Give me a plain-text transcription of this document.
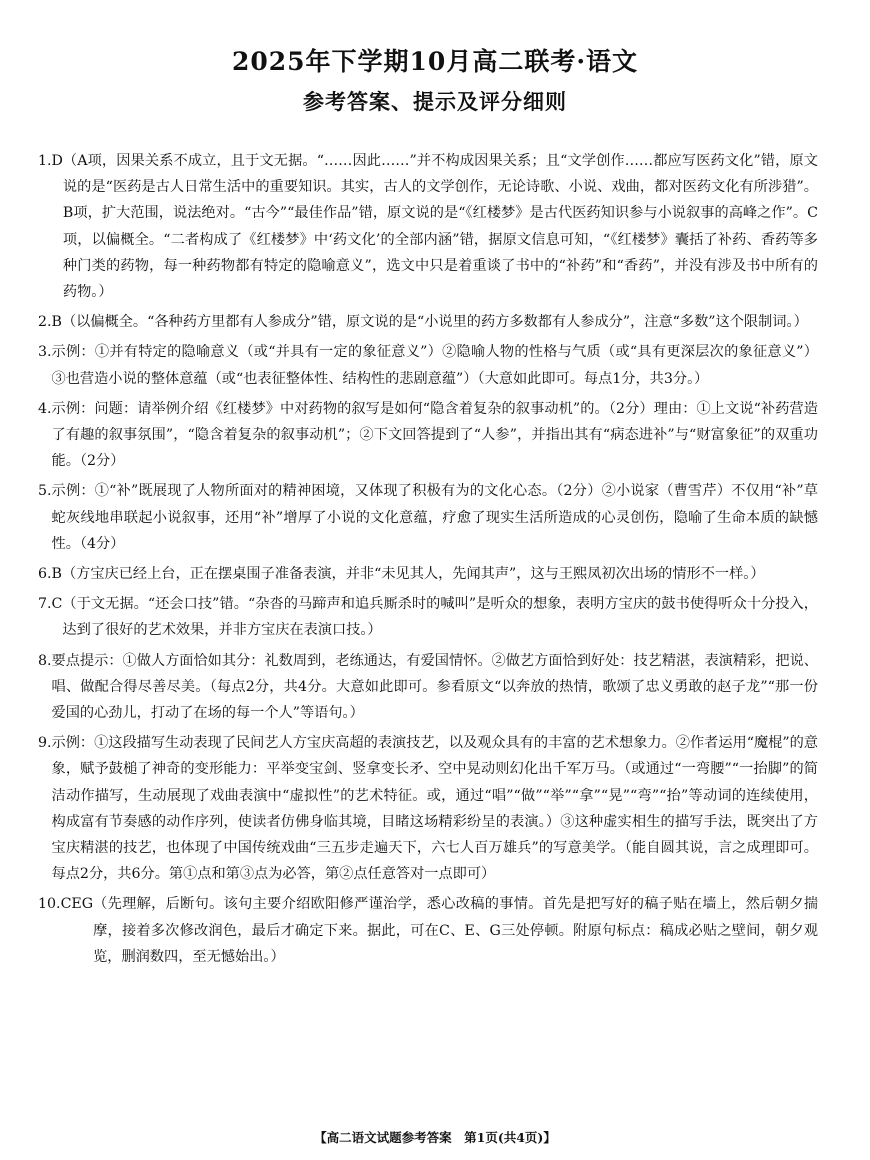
2025年下学期10月高二联考·语文
参考答案、提示及评分细则
1.D （A项，因果关系不成立，且于文无据。“……因此……”并不构成因果关系；且“文学创作……都应写医药文化”错，原文说的是“医药是古人日常生活中的重要知识。其实，古人的文学创作，无论诗歌、小说、戏曲，都对医药文化有所涉猎”。B项，扩大范围，说法绝对。“古今”“最佳作品”错，原文说的是“《红楼梦》是古代医药知识参与小说叙事的高峰之作”。C项，以偏概全。“二者构成了《红楼梦》中‘药文化’的全部内涵”错，据原文信息可知，“《红楼梦》囊括了补药、香药等多种门类的药物，每一种药物都有特定的隐喻意义”，选文中只是着重谈了书中的“补药”和“香药”，并没有涉及书中所有的药物。）
2.B （以偏概全。“各种药方里都有人参成分”错，原文说的是“小说里的药方多数都有人参成分”，注意“多数”这个限制词。）
3. 示例：①并有特定的隐喻意义（或“并具有一定的象征意义”）②隐喻人物的性格与气质（或“具有更深层次的象征意义”）③也营造小说的整体意蕴（或“也表征整体性、结构性的悲剧意蕴”）（大意如此即可。每点1分，共3分。）
4. 示例：问题：请举例介绍《红楼梦》中对药物的叙写是如何“隐含着复杂的叙事动机”的。（2分）理由：①上文说“补药营造了有趣的叙事氛围”，“隐含着复杂的叙事动机”；②下文回答提到了“人参”，并指出其有“病态进补”与“财富象征”的双重功能。（2分）
5. 示例：①“补”既展现了人物所面对的精神困境，又体现了积极有为的文化心态。（2分）②小说家（曹雪芹）不仅用“补”草蛇灰线地串联起小说叙事，还用“补”增厚了小说的文化意蕴，疗愈了现实生活所造成的心灵创伤，隐喻了生命本质的缺憾性。（4分）
6.B （方宝庆已经上台，正在摆桌围子准备表演，并非“未见其人，先闻其声”，这与王熙凤初次出场的情形不一样。）
7.C （于文无据。“还会口技”错。“杂沓的马蹄声和追兵厮杀时的喊叫”是听众的想象，表明方宝庆的鼓书使得听众十分投入，达到了很好的艺术效果，并非方宝庆在表演口技。）
8. 要点提示：①做人方面恰如其分：礼数周到，老练通达，有爱国情怀。②做艺方面恰到好处：技艺精湛，表演精彩，把说、唱、做配合得尽善尽美。（每点2分，共4分。大意如此即可。参看原文“以奔放的热情，歌颂了忠义勇敢的赵子龙”“那一份爱国的心劲儿，打动了在场的每一个人”等语句。）
9. 示例：①这段描写生动表现了民间艺人方宝庆高超的表演技艺，以及观众具有的丰富的艺术想象力。②作者运用“魔棍”的意象，赋予鼓槌了神奇的变形能力：平举变宝剑、竖拿变长矛、空中晃动则幻化出千军万马。（或通过“一弯腰”“一抬脚”的简洁动作描写，生动展现了戏曲表演中“虚拟性”的艺术特征。或，通过“唱”“做”“举”“拿”“晃”“弯”“抬”等动词的连续使用，构成富有节奏感的动作序列，使读者仿佛身临其境，目睹这场精彩纷呈的表演。）③这种虚实相生的描写手法，既突出了方宝庆精湛的技艺，也体现了中国传统戏曲“三五步走遍天下，六七人百万雄兵”的写意美学。（能自圆其说，言之成理即可。每点2分，共6分。第①点和第③点为必答，第②点任意答对一点即可）
10.CEG （先理解，后断句。该句主要介绍欧阳修严谨治学，悉心改稿的事情。首先是把写好的稿子贴在墙上，然后朝夕揣摩，接着多次修改润色，最后才确定下来。据此，可在C、E、G三处停顿。附原句标点：稿成必贴之壁间，朝夕观览，删润数四，至无憾始出。）
【高二语文试题参考答案　第1页(共4页)】
